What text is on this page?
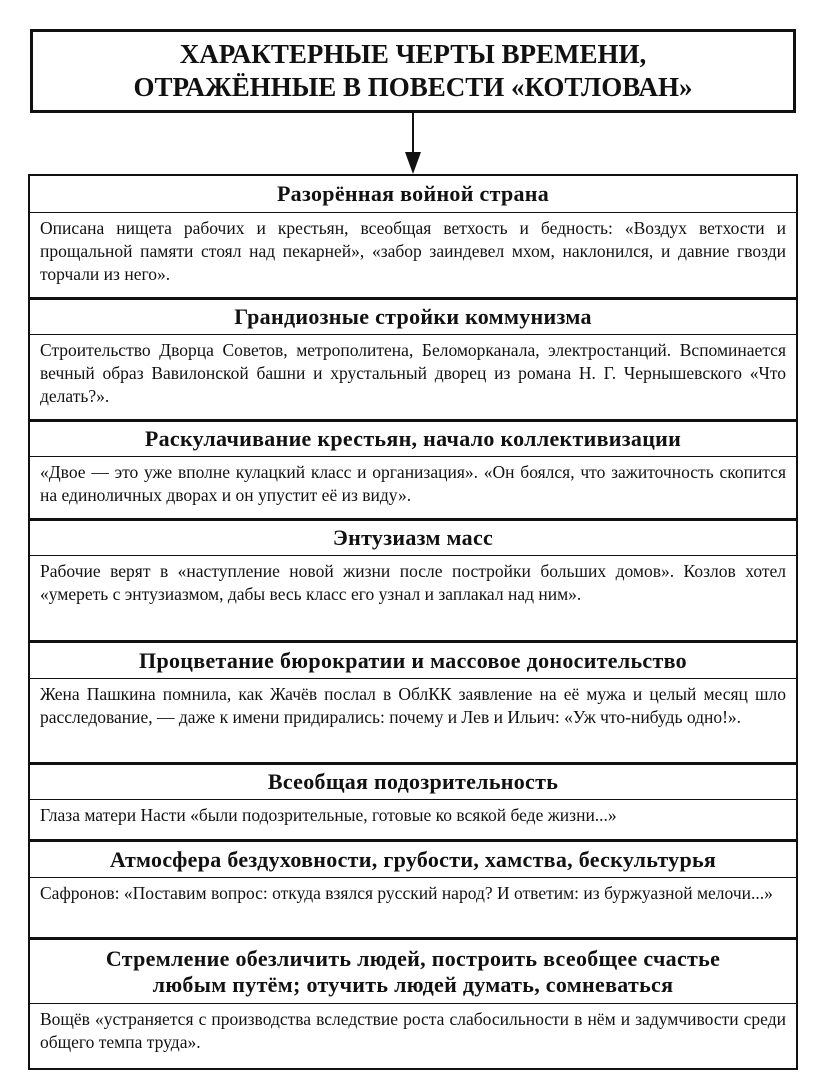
ХАРАКТЕРНЫЕ ЧЕРТЫ ВРЕМЕНИ,
ОТРАЖЁННЫЕ В ПОВЕСТИ «КОТЛОВАН»
Разорённая войной страна

Описана нищета рабочих и крестьян, всеобщая ветхость и бедность: «Воздух ветхости и прощальной памяти стоял над пекарней», «забор заиндевел мхом, наклонился, и давние гвозди торчали из него».

Грандиозные стройки коммунизма

Строительство Дворца Советов, метрополитена, Беломорканала, электростанций. Вспоминается вечный образ Вавилонской башни и хрустальный дворец из романа Н. Г. Чернышевского «Что делать?».

Раскулачивание крестьян, начало коллективизации

«Двое — это уже вполне кулацкий класс и организация». «Он боялся, что зажиточность скопится на единоличных дворах и он упустит её из виду».

Энтузиазм масс

Рабочие верят в «наступление новой жизни после постройки больших домов». Козлов хотел «умереть с энтузиазмом, дабы весь класс его узнал и заплакал над ним».

Процветание бюрократии и массовое доносительство

Жена Пашкина помнила, как Жачёв послал в ОблКК заявление на её мужа и целый месяц шло расследование, — даже к имени придирались: почему и Лев и Ильич: «Уж что-нибудь одно!».

Всеобщая подозрительность

Глаза матери Насти «были подозрительные, готовые ко всякой беде жизни...»

Атмосфера бездуховности, грубости, хамства, бескультурья

Сафронов: «Поставим вопрос: откуда взялся русский народ? И ответим: из буржуазной мелочи...»

Стремление обезличить людей, построить всеобщее счастье
любым путём; отучить людей думать, сомневаться

Вощёв «устраняется с производства вследствие роста слабосильности в нём и задумчивости среди общего темпа труда».
